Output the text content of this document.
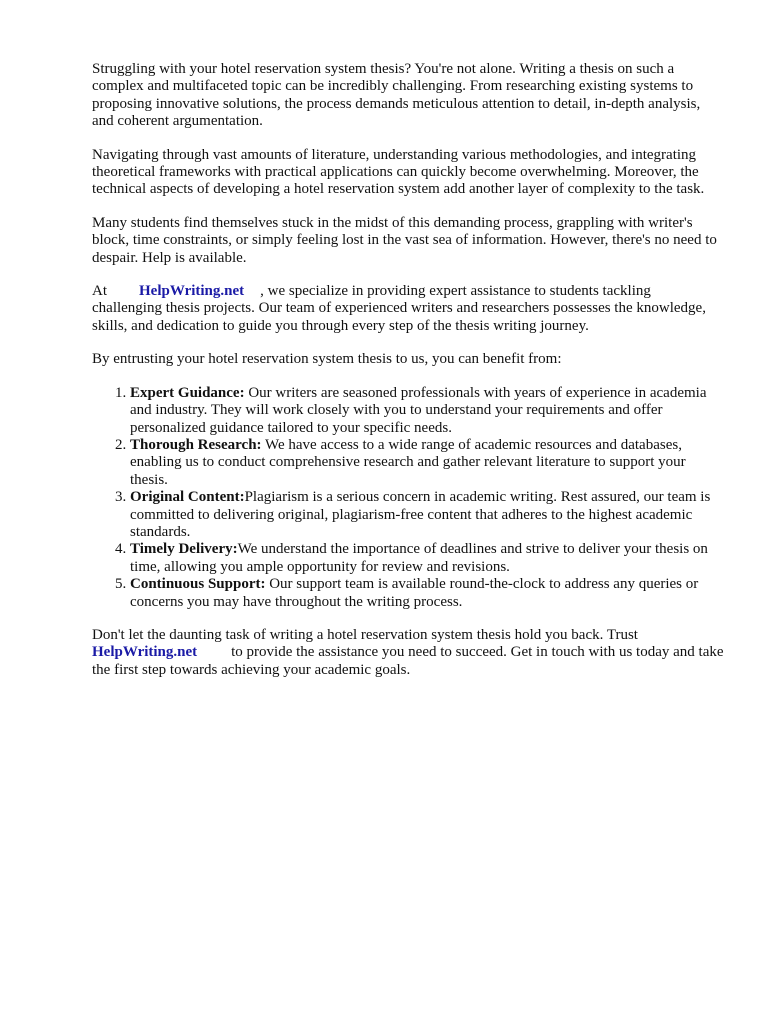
Struggling with your hotel reservation system thesis? You're not alone. Writing a thesis on such a complex and multifaceted topic can be incredibly challenging. From researching existing systems to proposing innovative solutions, the process demands meticulous attention to detail, in-depth analysis, and coherent argumentation.

Navigating through vast amounts of literature, understanding various methodologies, and integrating theoretical frameworks with practical applications can quickly become overwhelming. Moreover, the technical aspects of developing a hotel reservation system add another layer of complexity to the task.

Many students find themselves stuck in the midst of this demanding process, grappling with writer's block, time constraints, or simply feeling lost in the vast sea of information. However, there's no need to despair. Help is available.

At HelpWriting.net , we specialize in providing expert assistance to students tackling challenging thesis projects. Our team of experienced writers and researchers possesses the knowledge, skills, and dedication to guide you through every step of the thesis writing journey.

By entrusting your hotel reservation system thesis to us, you can benefit from:

1. Expert Guidance: Our writers are seasoned professionals with years of experience in academia and industry. They will work closely with you to understand your requirements and offer personalized guidance tailored to your specific needs.
2. Thorough Research: We have access to a wide range of academic resources and databases, enabling us to conduct comprehensive research and gather relevant literature to support your thesis.
3. Original Content:Plagiarism is a serious concern in academic writing. Rest assured, our team is committed to delivering original, plagiarism-free content that adheres to the highest academic standards.
4. Timely Delivery:We understand the importance of deadlines and strive to deliver your thesis on time, allowing you ample opportunity for review and revisions.
5. Continuous Support: Our support team is available round-the-clock to address any queries or concerns you may have throughout the writing process.

Don't let the daunting task of writing a hotel reservation system thesis hold you back. Trust
HelpWriting.net to provide the assistance you need to succeed. Get in touch with us today and take the first step towards achieving your academic goals.
